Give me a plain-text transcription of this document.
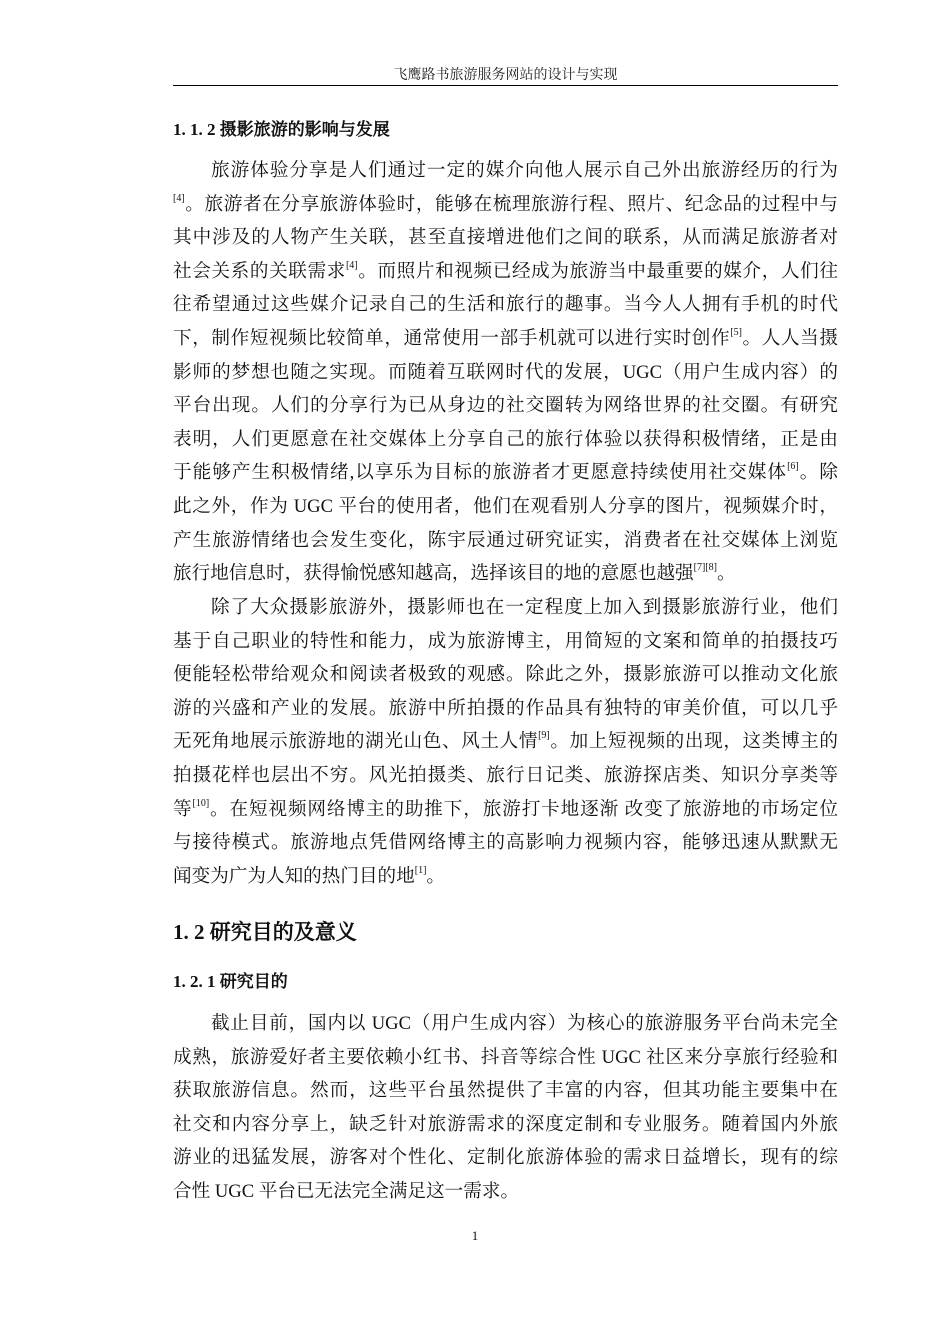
飞鹰路书旅游服务网站的设计与实现
1. 1. 2 摄影旅游的影响与发展
旅游体验分享是人们通过一定的媒介向他人展示自己外出旅游经历的行为
[4]。旅游者在分享旅游体验时，能够在梳理旅游行程、照片、纪念品的过程中与
其中涉及的人物产生关联，甚至直接增进他们之间的联系，从而满足旅游者对
社会关系的关联需求[4]。而照片和视频已经成为旅游当中最重要的媒介，人们往
往希望通过这些媒介记录自己的生活和旅行的趣事。当今人人拥有手机的时代
下，制作短视频比较简单，通常使用一部手机就可以进行实时创作[5]。人人当摄
影师的梦想也随之实现。而随着互联网时代的发展，UGC（用户生成内容）的
平台出现。人们的分享行为已从身边的社交圈转为网络世界的社交圈。有研究
表明，人们更愿意在社交媒体上分享自己的旅行体验以获得积极情绪，正是由
于能够产生积极情绪,以享乐为目标的旅游者才更愿意持续使用社交媒体[6]。除
此之外，作为 UGC 平台的使用者，他们在观看别人分享的图片，视频媒介时，
产生旅游情绪也会发生变化，陈宇辰通过研究证实，消费者在社交媒体上浏览
旅行地信息时，获得愉悦感知越高，选择该目的地的意愿也越强[7][8]。
除了大众摄影旅游外，摄影师也在一定程度上加入到摄影旅游行业，他们
基于自己职业的特性和能力，成为旅游博主，用简短的文案和简单的拍摄技巧
便能轻松带给观众和阅读者极致的观感。除此之外，摄影旅游可以推动文化旅
游的兴盛和产业的发展。旅游中所拍摄的作品具有独特的审美价值，可以几乎
无死角地展示旅游地的湖光山色、风土人情[9]。加上短视频的出现，这类博主的
拍摄花样也层出不穷。风光拍摄类、旅行日记类、旅游探店类、知识分享类等
等[10]。在短视频网络博主的助推下，旅游打卡地逐渐 改变了旅游地的市场定位
与接待模式。旅游地点凭借网络博主的高影响力视频内容，能够迅速从默默无
闻变为广为人知的热门目的地[1]。
1. 2 研究目的及意义
1. 2. 1 研究目的
截止目前，国内以 UGC（用户生成内容）为核心的旅游服务平台尚未完全
成熟，旅游爱好者主要依赖小红书、抖音等综合性 UGC 社区来分享旅行经验和
获取旅游信息。然而，这些平台虽然提供了丰富的内容，但其功能主要集中在
社交和内容分享上，缺乏针对旅游需求的深度定制和专业服务。随着国内外旅
游业的迅猛发展，游客对个性化、定制化旅游体验的需求日益增长，现有的综
合性 UGC 平台已无法完全满足这一需求。
1
